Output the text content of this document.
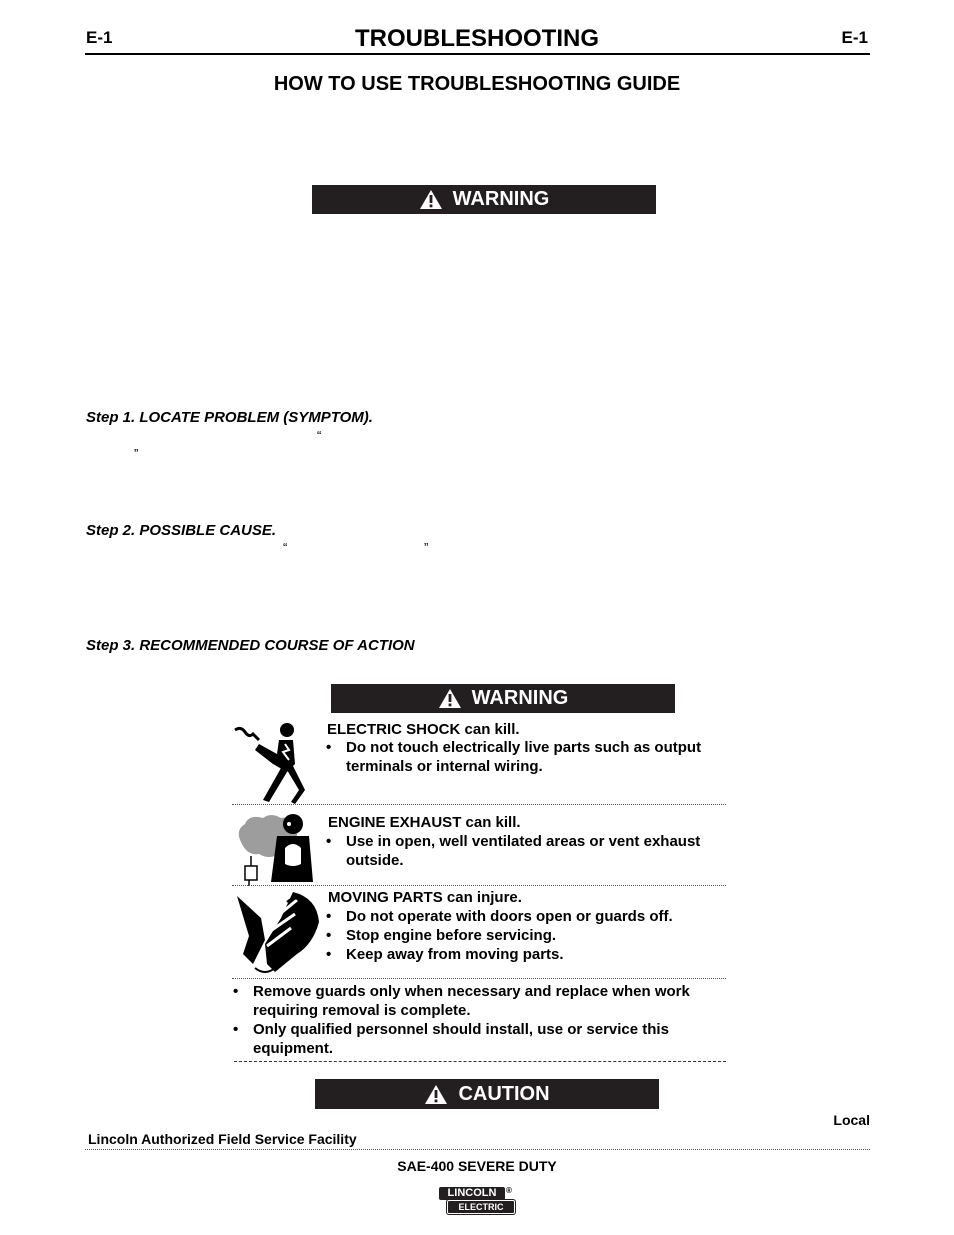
E-1	TROUBLESHOOTING	E-1
HOW TO USE TROUBLESHOOTING GUIDE
WARNING
Step 1. LOCATE PROBLEM (SYMPTOM).
“
”
Step 2. POSSIBLE CAUSE.
“	”
Step 3. RECOMMENDED COURSE OF ACTION
WARNING
ELECTRIC SHOCK can kill.
• Do not touch electrically live parts such as output terminals or internal wiring.
ENGINE EXHAUST can kill.
• Use in open, well ventilated areas or vent exhaust outside.
MOVING PARTS can injure.
• Do not operate with doors open or guards off.
• Stop engine before servicing.
• Keep away from moving parts.
• Remove guards only when necessary and replace when work requiring removal is complete.
• Only qualified personnel should install, use or service this equipment.
CAUTION
Local
Lincoln Authorized Field Service Facility
SAE-400 SEVERE DUTY
LINCOLN	®
ELECTRIC
